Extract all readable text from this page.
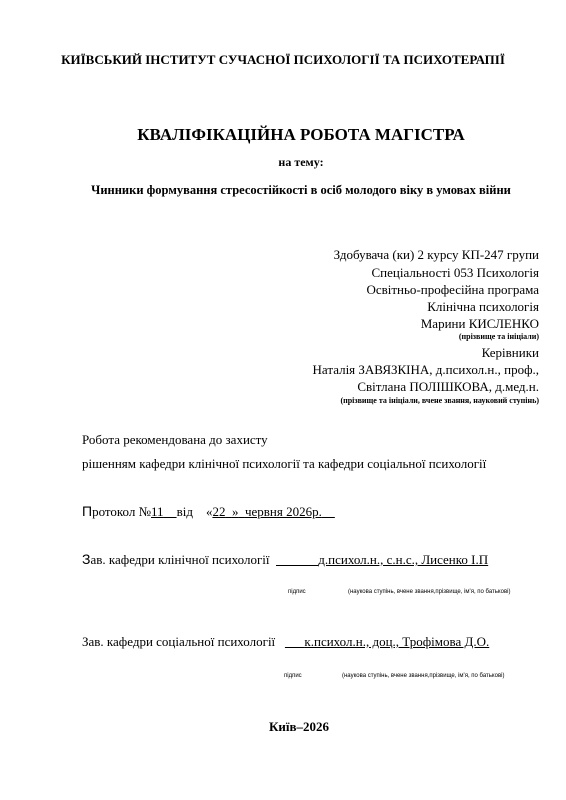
КИЇВСЬКИЙ ІНСТИТУТ СУЧАСНОЇ ПСИХОЛОГІЇ ТА ПСИХОТЕРАПІЇ
КВАЛІФІКАЦІЙНА РОБОТА МАГІСТРА
на тему:
Чинники формування стресостійкості в осіб молодого віку в умовах війни
Здобувача (ки) 2 курсу КП-247 групи
Спеціальності 053 Психологія
Освітньо-професійна програма
Клінічна психологія
Марини КИСЛЕНКО
(прізвище та ініціали)
Керівники
Наталія ЗАВЯЗКІНА, д.психол.н., проф.,
Світлана ПОЛІШКОВА, д.мед.н.
(прізвище та ініціали, вчене звання, науковий ступінь)
Робота рекомендована до захисту
рішенням кафедри клінічної психології та кафедри соціальної психології
Протокол №11 від «22 » червня 2026р.
Зав. кафедри клінічної психології	д.психол.н., с.н.с., Лисенко І.П
підпис	(наукова ступінь, вчене звання,прізвище, ім'я, по батькові)
Зав. кафедри соціальної психології к.психол.н., доц., Трофімова Д.О.
підпис	(наукова ступінь, вчене звання,прізвище, ім'я, по батькові)
Київ–2026
